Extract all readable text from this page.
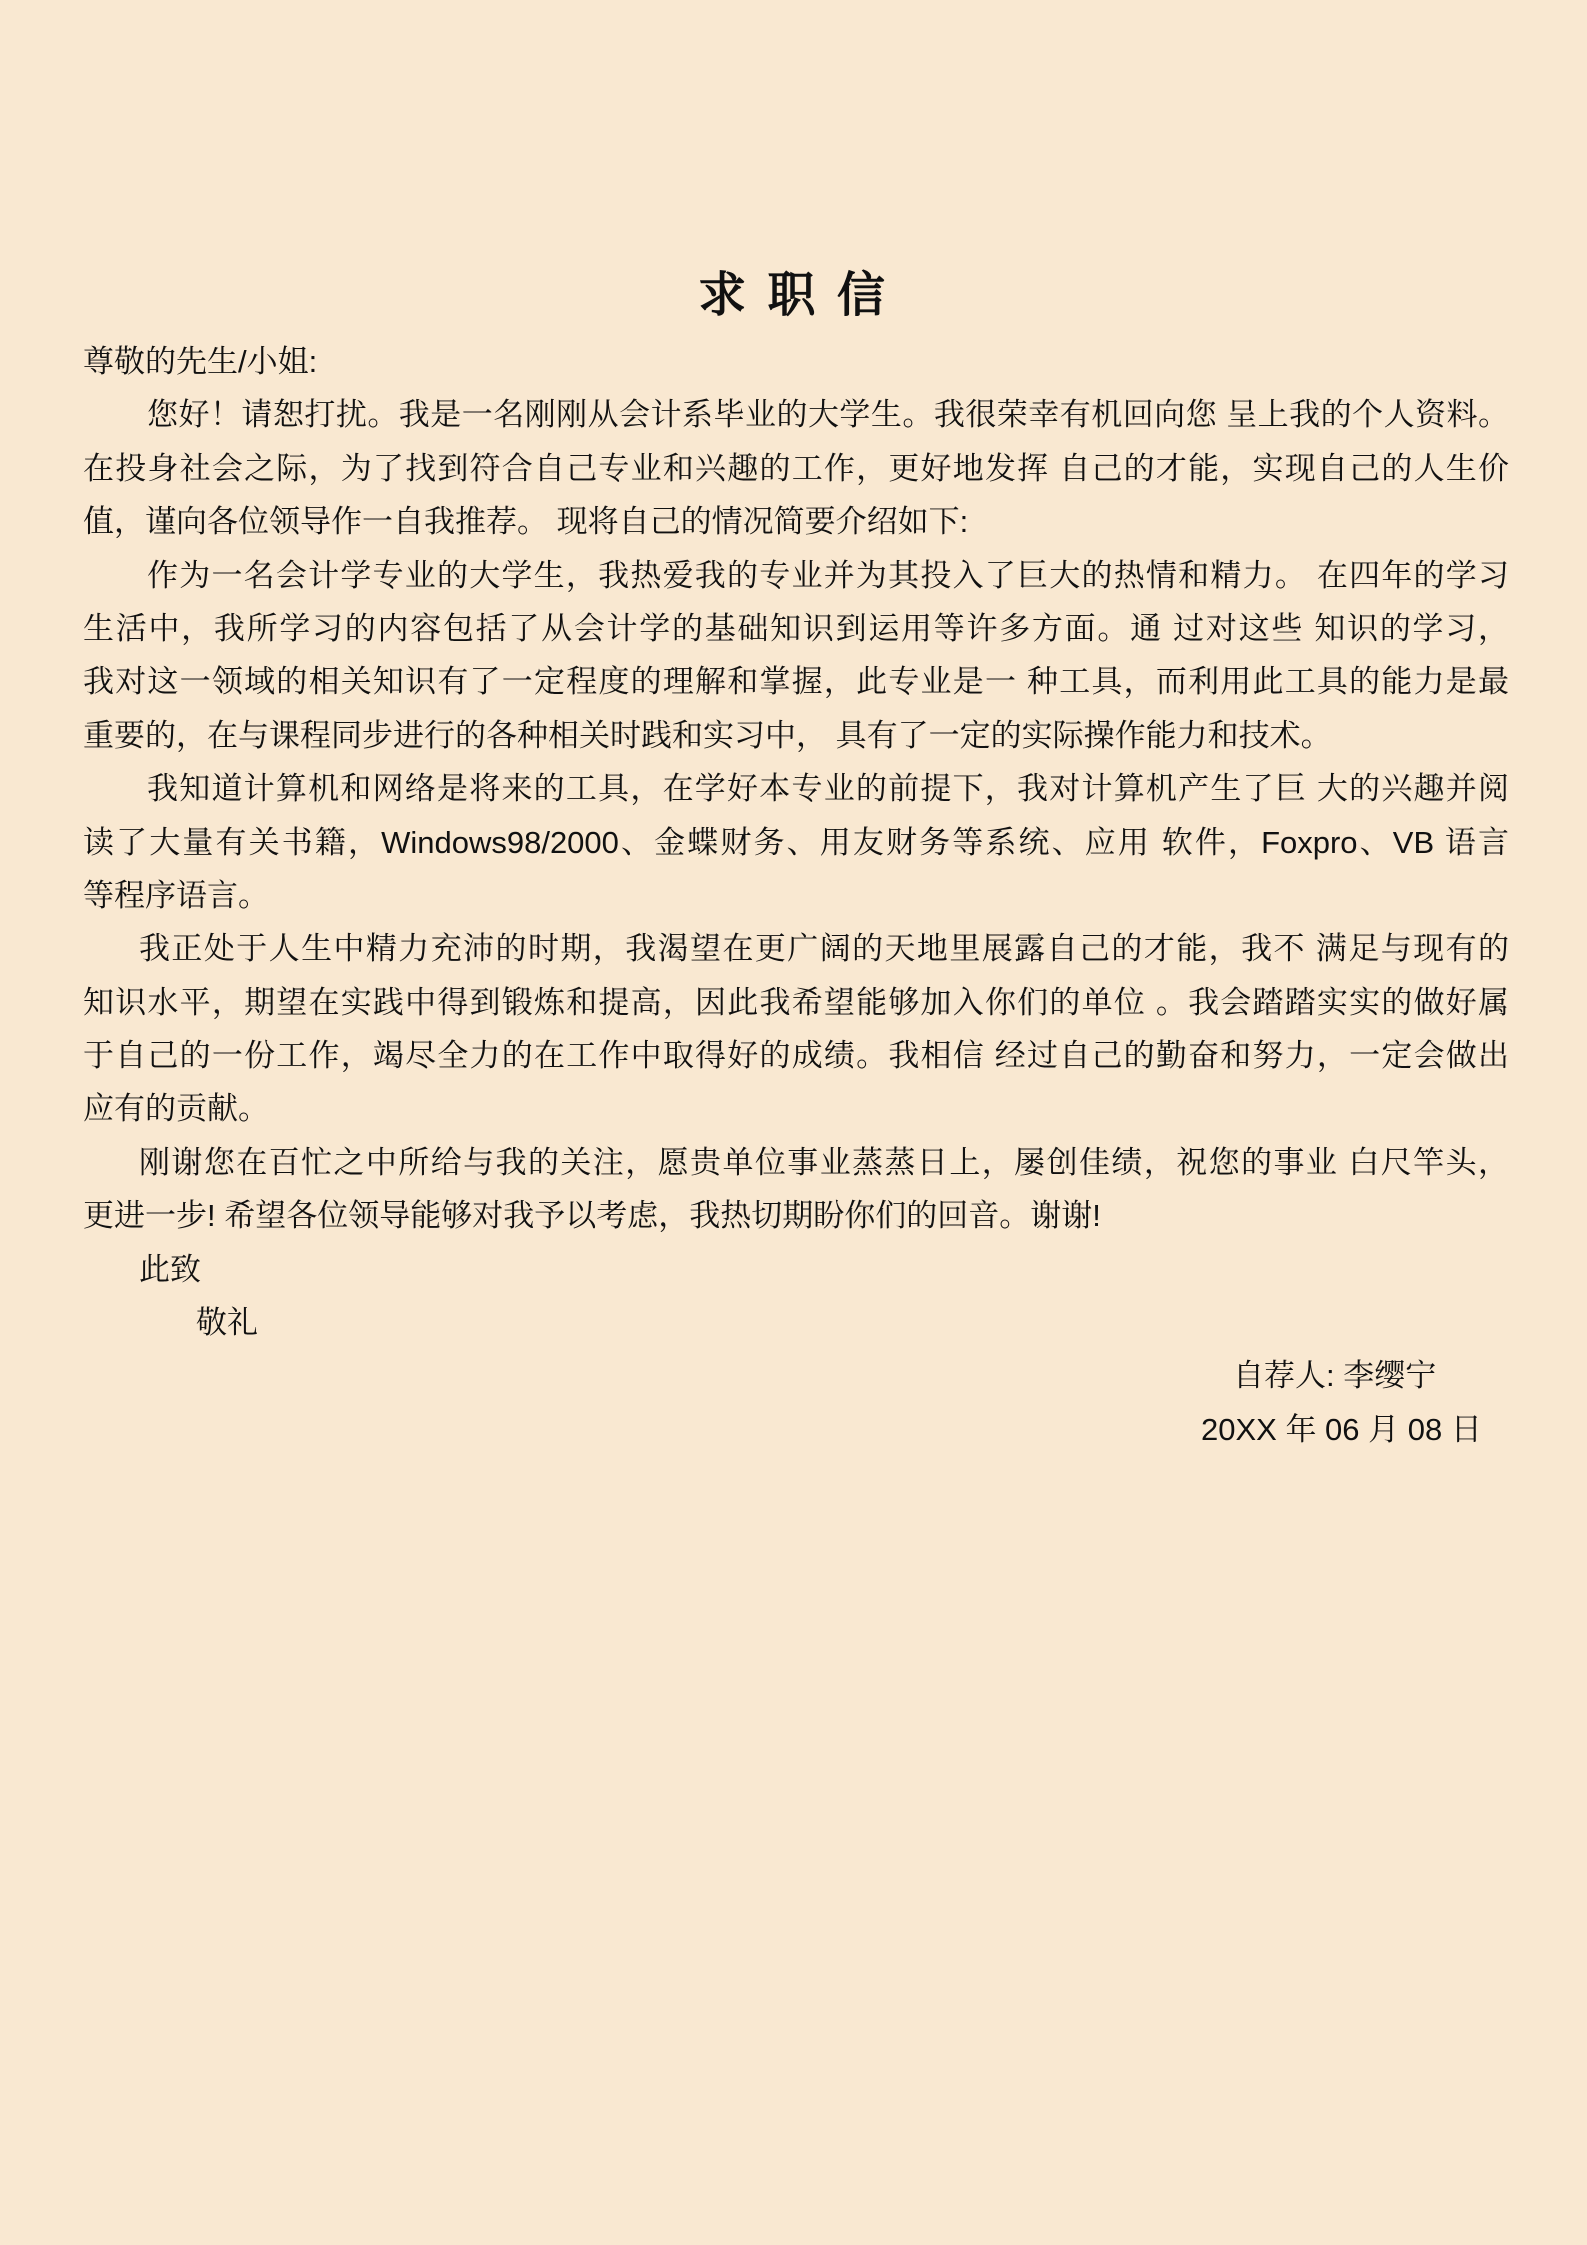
求 职 信
尊敬的先生/小姐:
您好！请恕打扰。我是一名刚刚从会计系毕业的大学生。我很荣幸有机回向您 呈上我的个人资料。
在投身社会之际，为了找到符合自己专业和兴趣的工作，更好地发挥 自己的才能，实现自己的人生价
值，谨向各位领导作一自我推荐。 现将自己的情况简要介绍如下:
作为一名会计学专业的大学生，我热爱我的专业并为其投入了巨大的热情和精力。 在四年的学习
生活中，我所学习的内容包括了从会计学的基础知识到运用等许多方面。通 过对这些 知识的学习，
我对这一领域的相关知识有了一定程度的理解和掌握，此专业是一 种工具，而利用此工具的能力是最
重要的，在与课程同步进行的各种相关时践和实习中， 具有了一定的实际操作能力和技术。
我知道计算机和网络是将来的工具，在学好本专业的前提下，我对计算机产生了巨 大的兴趣并阅
读了大量有关书籍，Windows98/2000、金蝶财务、用友财务等系统、应用 软件，Foxpro、VB 语言
等程序语言。
我正处于人生中精力充沛的时期，我渴望在更广阔的天地里展露自己的才能，我不 满足与现有的
知识水平，期望在实践中得到锻炼和提高，因此我希望能够加入你们的单位 。我会踏踏实实的做好属
于自己的一份工作，竭尽全力的在工作中取得好的成绩。我相信 经过自己的勤奋和努力，一定会做出
应有的贡献。
刚谢您在百忙之中所给与我的关注，愿贵单位事业蒸蒸日上，屡创佳绩，祝您的事业 白尺竿头，
更进一步! 希望各位领导能够对我予以考虑，我热切期盼你们的回音。谢谢!
此致
敬礼
自荐人: 李缨宁
20XX 年 06 月 08 日
